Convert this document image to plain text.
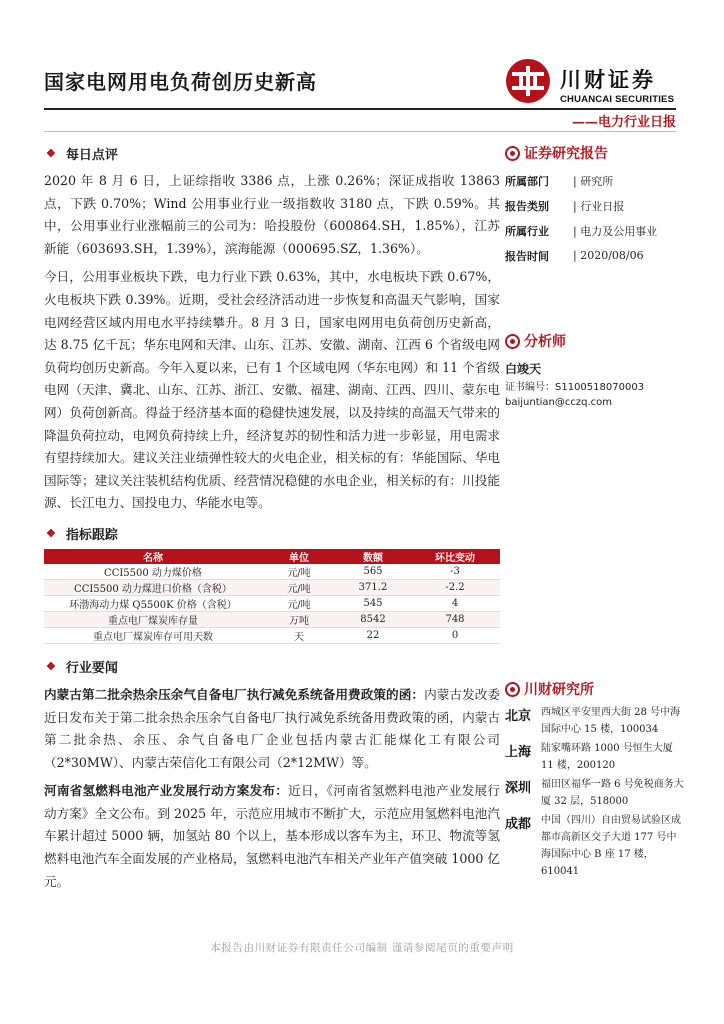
国家电网用电负荷创历史新高	川财证券
CHUANCAI SECURITIES
——电力行业日报
❖ 每日点评

2020 年 8 月 6 日，上证综指收 3386 点，上涨 0.26%；深证成指收 13863 点，下跌 0.70%；Wind 公用事业行业一级指数收 3180 点，下跌 0.59%。其中，公用事业行业涨幅前三的公司为：哈投股份（600864.SH，1.85%），江苏新能（603693.SH，1.39%），滨海能源（000695.SZ，1.36%）。

今日，公用事业板块下跌，电力行业下跌 0.63%，其中，水电板块下跌 0.67%，火电板块下跌 0.39%。近期，受社会经济活动进一步恢复和高温天气影响，国家电网经营区域内用电水平持续攀升。8 月 3 日，国家电网用电负荷创历史新高，达 8.75 亿千瓦；华东电网和天津、山东、江苏、安徽、湖南、江西 6 个省级电网负荷均创历史新高。今年入夏以来，已有 1 个区域电网（华东电网）和 11 个省级电网（天津、冀北、山东、江苏、浙江、安徽、福建、湖南、江西、四川、蒙东电网）负荷创新高。得益于经济基本面的稳健快速发展，以及持续的高温天气带来的降温负荷拉动，电网负荷持续上升，经济复苏的韧性和活力进一步彰显，用电需求有望持续加大。建议关注业绩弹性较大的火电企业，相关标的有：华能国际、华电国际等；建议关注装机结构优质、经营情况稳健的水电企业，相关标的有：川投能源、长江电力、国投电力、华能水电等。

❖ 指标跟踪
名称	单位	数额	环比变动
CCI5500 动力煤价格	元/吨	565	-3
CCI5500 动力煤进口价格（含税）	元/吨	371.2	-2.2
环渤海动力煤 Q5500K 价格（含税）	元/吨	545	4
重点电厂煤炭库存量	万吨	8542	748
重点电厂煤炭库存可用天数	天	22	0
❖ 行业要闻

内蒙古第二批余热余压余气自备电厂执行减免系统备用费政策的函：内蒙古发改委近日发布关于第二批余热余压余气自备电厂执行减免系统备用费政策的函，内蒙古第二批余热、余压、余气自备电厂企业包括内蒙古汇能煤化工有限公司（2*30MW）、内蒙古荣信化工有限公司（2*12MW）等。

河南省氢燃料电池产业发展行动方案发布：近日，《河南省氢燃料电池产业发展行动方案》全文公布。到 2025 年，示范应用城市不断扩大，示范应用氢燃料电池汽车累计超过 5000 辆，加氢站 80 个以上，基本形成以客车为主，环卫、物流等氢燃料电池汽车全面发展的产业格局，氢燃料电池汽车相关产业年产值突破 1000 亿元。

证券研究报告
所属部门	| 研究所
报告类别	| 行业日报
所属行业	| 电力及公用事业
报告时间	| 2020/08/06
分析师
白竣天
证书编号：S1100518070003
baijuntian@cczq.com
川财研究所
北京 西城区平安里西大街 28 号中海国际中心 15 楼，100034
上海 陆家嘴环路 1000 号恒生大厦 11 楼，200120
深圳 福田区福华一路 6 号免税商务大厦 32 层，518000
成都 中国（四川）自由贸易试验区成都市高新区交子大道 177 号中海国际中心 B 座 17 楼，610041
本报告由川财证券有限责任公司编制 谨请参阅尾页的重要声明
